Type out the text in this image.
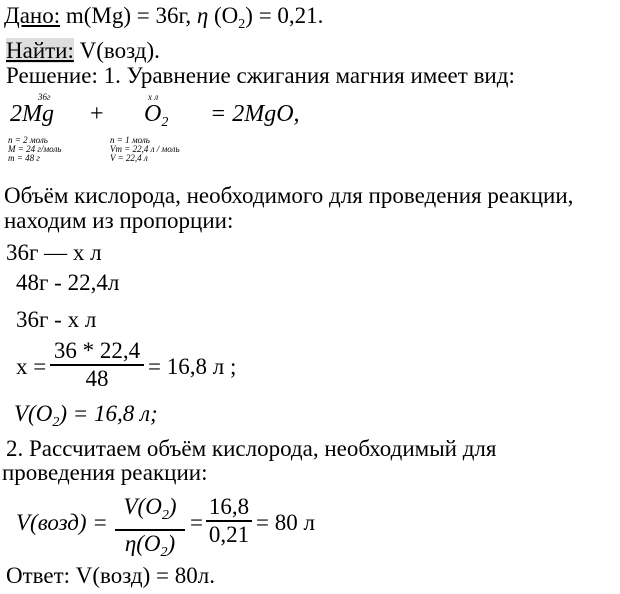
Дано: m(Mg) = 36г, η $(O_2) = 0,21$.
Найти: V(возд).
Решение: 1. Уравнение сжигания магния имеет вид:
36г
2Mg +
х л
$O_2 = 2MgO$,
n = 2 моль
M = 24 г/моль
m = 48 г
n = 1 моль
Vm = 22,4 л / моль
V = 22,4 л
Объём кислорода, необходимого для проведения реакции,
находим из пропорции:
36г — х л
48г - 22,4л
36г - х л
х =
36 * 22,4
48 = 16,8 л ;
$V(O_2) = 16,8$ л;
2. Рассчитаем объём кислорода, необходимый для
проведения реакции:
V(возд) =
$V(O_2)$
$\eta(O_2)$
=
16,8
0,21 = 80 л
Ответ: V(возд) = 80л.
